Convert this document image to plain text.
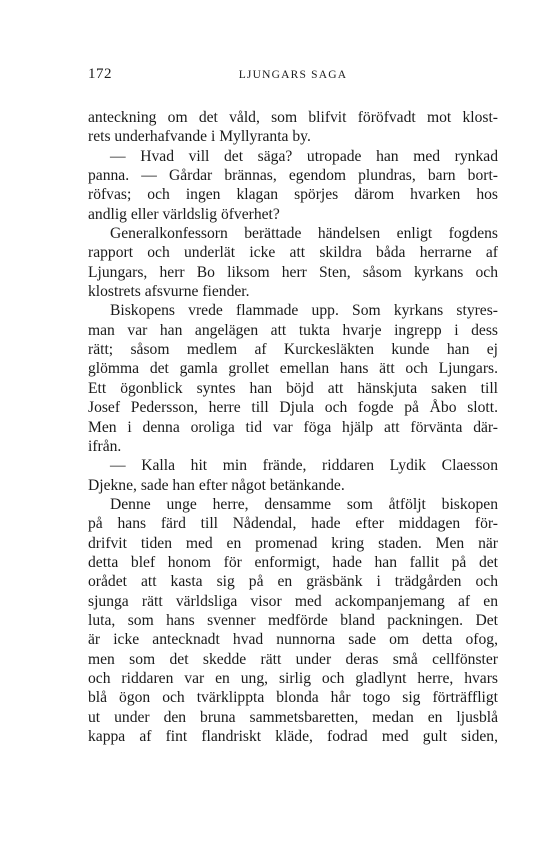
172	LJUNGARS SAGA
anteckning om det våld, som blifvit föröfvadt mot klost-
rets underhafvande i Myllyranta by.
— Hvad vill det säga? utropade han med rynkad
panna. — Gårdar brännas, egendom plundras, barn bort-
röfvas; och ingen klagan spörjes därom hvarken hos
andlig eller världslig öfverhet?
Generalkonfessorn berättade händelsen enligt fogdens
rapport och underlät icke att skildra båda herrarne af
Ljungars, herr Bo liksom herr Sten, såsom kyrkans och
klostrets afsvurne fiender.
Biskopens vrede flammade upp. Som kyrkans styres-
man var han angelägen att tukta hvarje ingrepp i dess
rätt; såsom medlem af Kurckesläkten kunde han ej
glömma det gamla grollet emellan hans ätt och Ljungars.
Ett ögonblick syntes han böjd att hänskjuta saken till
Josef Pedersson, herre till Djula och fogde på Åbo slott.
Men i denna oroliga tid var föga hjälp att förvänta där-
ifrån.
— Kalla hit min frände, riddaren Lydik Claesson
Djekne, sade han efter något betänkande.
Denne unge herre, densamme som åtföljt biskopen
på hans färd till Nådendal, hade efter middagen för-
drifvit tiden med en promenad kring staden. Men när
detta blef honom för enformigt, hade han fallit på det
orådet att kasta sig på en gräsbänk i trädgården och
sjunga rätt världsliga visor med ackompanjemang af en
luta, som hans svenner medförde bland packningen. Det
är icke antecknadt hvad nunnorna sade om detta ofog,
men som det skedde rätt under deras små cellfönster
och riddaren var en ung, sirlig och gladlynt herre, hvars
blå ögon och tvärklippta blonda hår togo sig förträffligt
ut under den bruna sammetsbaretten, medan en ljusblå
kappa af fint flandriskt kläde, fodrad med gult siden,
